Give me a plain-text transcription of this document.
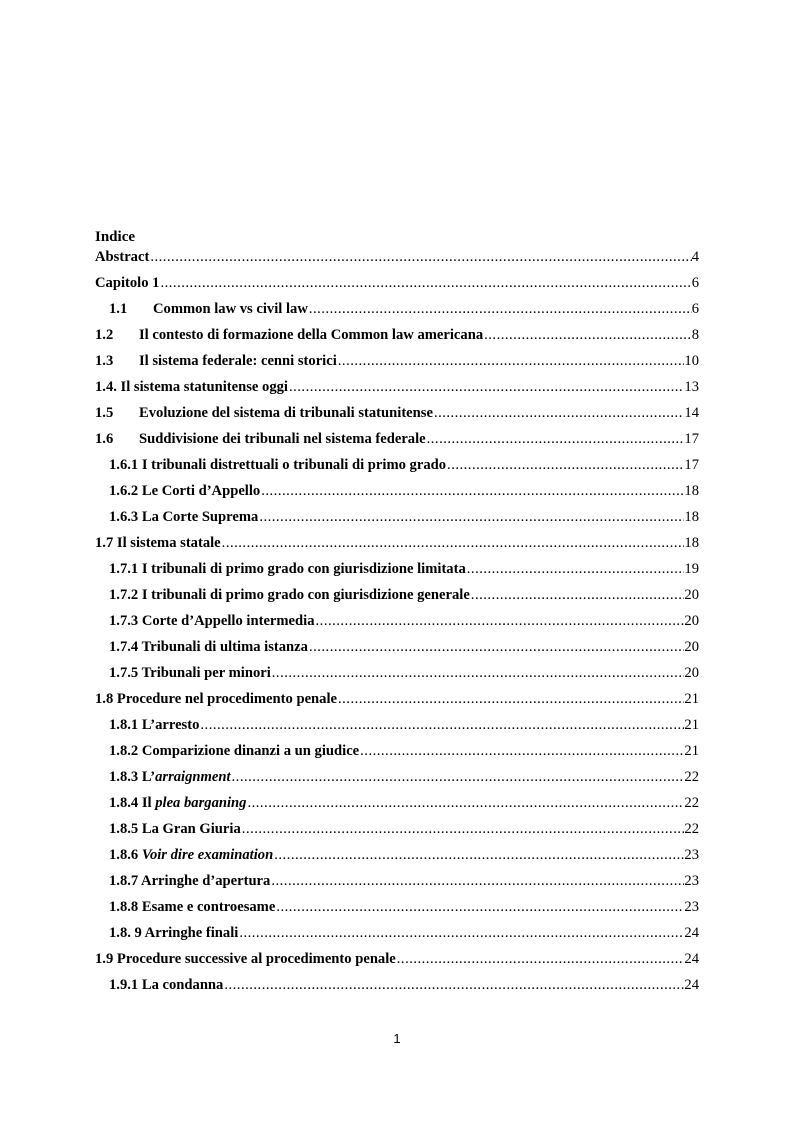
Indice
Abstract .....	4
Capitolo 1 .....	6
1.1 Common law vs civil law .....	6
1.2 Il contesto di formazione della Common law americana .....	8
1.3 Il sistema federale: cenni storici .....	10
1.4. Il sistema statunitense oggi .....	13
1.5 Evoluzione del sistema di tribunali statunitense .....	14
1.6 Suddivisione dei tribunali nel sistema federale .....	17
1.6.1 I tribunali distrettuali o tribunali di primo grado .....	17
1.6.2 Le Corti d’Appello .....	18
1.6.3 La Corte Suprema .....	18
1.7 Il sistema statale .....	18
1.7.1 I tribunali di primo grado con giurisdizione limitata .....	19
1.7.2 I tribunali di primo grado con giurisdizione generale .....	20
1.7.3 Corte d’Appello intermedia .....	20
1.7.4 Tribunali di ultima istanza .....	20
1.7.5 Tribunali per minori .....	20
1.8 Procedure nel procedimento penale .....	21
1.8.1 L’arresto .....	21
1.8.2 Comparizione dinanzi a un giudice .....	21
1.8.3 L’arraignment .....	22
1.8.4 Il plea barganing .....	22
1.8.5 La Gran Giuria .....	22
1.8.6 Voir dire examination .....	23
1.8.7 Arringhe d’apertura .....	23
1.8.8 Esame e controesame .....	23
1.8. 9 Arringhe finali .....	24
1.9 Procedure successive al procedimento penale .....	24
1.9.1 La condanna .....	24
1
